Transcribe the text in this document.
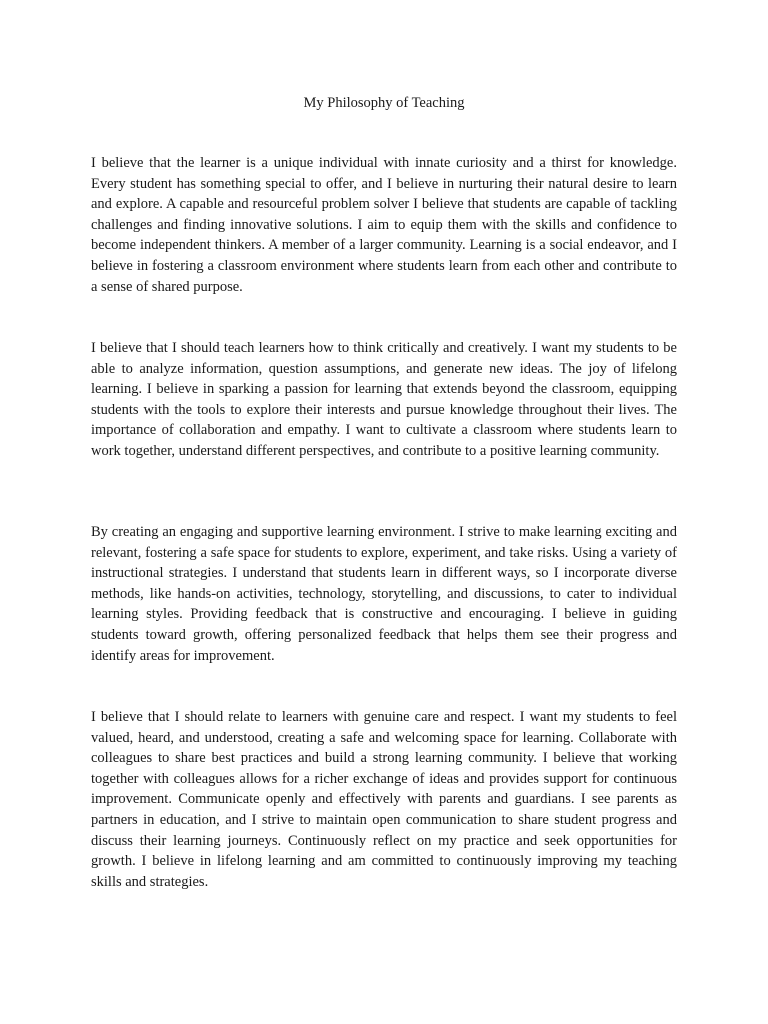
My Philosophy of Teaching

I believe that the learner is a unique individual with innate curiosity and a thirst for knowledge. Every student has something special to offer, and I believe in nurturing their natural desire to learn and explore. A capable and resourceful problem solver I believe that students are capable of tackling challenges and finding innovative solutions. I aim to equip them with the skills and confidence to become independent thinkers. A member of a larger community. Learning is a social endeavor, and I believe in fostering a classroom environment where students learn from each other and contribute to a sense of shared purpose.

I believe that I should teach learners how to think critically and creatively. I want my students to be able to analyze information, question assumptions, and generate new ideas. The joy of lifelong learning. I believe in sparking a passion for learning that extends beyond the classroom, equipping students with the tools to explore their interests and pursue knowledge throughout their lives. The importance of collaboration and empathy. I want to cultivate a classroom where students learn to work together, understand different perspectives, and contribute to a positive learning community.

By creating an engaging and supportive learning environment. I strive to make learning exciting and relevant, fostering a safe space for students to explore, experiment, and take risks. Using a variety of instructional strategies. I understand that students learn in different ways, so I incorporate diverse methods, like hands-on activities, technology, storytelling, and discussions, to cater to individual learning styles. Providing feedback that is constructive and encouraging. I believe in guiding students toward growth, offering personalized feedback that helps them see their progress and identify areas for improvement.

I believe that I should relate to learners with genuine care and respect. I want my students to feel valued, heard, and understood, creating a safe and welcoming space for learning. Collaborate with colleagues to share best practices and build a strong learning community. I believe that working together with colleagues allows for a richer exchange of ideas and provides support for continuous improvement. Communicate openly and effectively with parents and guardians. I see parents as partners in education, and I strive to maintain open communication to share student progress and discuss their learning journeys. Continuously reflect on my practice and seek opportunities for growth. I believe in lifelong learning and am committed to continuously improving my teaching skills and strategies.
